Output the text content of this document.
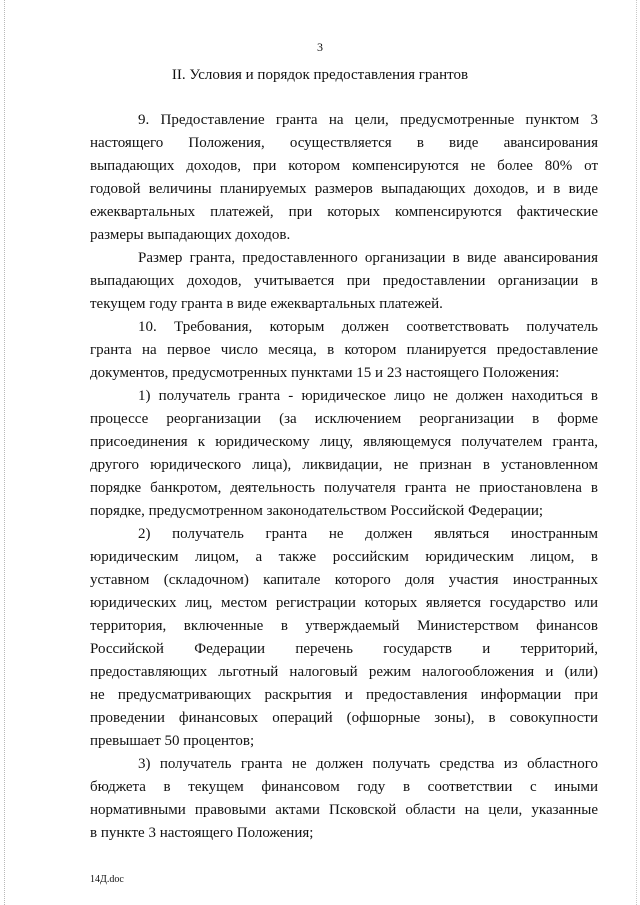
3
II. Условия и порядок предоставления грантов
9. Предоставление гранта на цели, предусмотренные пунктом 3
настоящего Положения, осуществляется в виде авансирования
выпадающих доходов, при котором компенсируются не более 80% от
годовой величины планируемых размеров выпадающих доходов, и в виде
ежеквартальных платежей, при которых компенсируются фактические
размеры выпадающих доходов.
Размер гранта, предоставленного организации в виде авансирования
выпадающих доходов, учитывается при предоставлении организации в
текущем году гранта в виде ежеквартальных платежей.
10. Требования, которым должен соответствовать получатель
гранта на первое число месяца, в котором планируется предоставление
документов, предусмотренных пунктами 15 и 23 настоящего Положения:
1) получатель гранта - юридическое лицо не должен находиться в
процессе реорганизации (за исключением реорганизации в форме
присоединения к юридическому лицу, являющемуся получателем гранта,
другого юридического лица), ликвидации, не признан в установленном
порядке банкротом, деятельность получателя гранта не приостановлена в
порядке, предусмотренном законодательством Российской Федерации;
2) получатель гранта не должен являться иностранным
юридическим лицом, а также российским юридическим лицом, в
уставном (складочном) капитале которого доля участия иностранных
юридических лиц, местом регистрации которых является государство или
территория, включенные в утверждаемый Министерством финансов
Российской Федерации перечень государств и территорий,
предоставляющих льготный налоговый режим налогообложения и (или)
не предусматривающих раскрытия и предоставления информации при
проведении финансовых операций (офшорные зоны), в совокупности
превышает 50 процентов;
3) получатель гранта не должен получать средства из областного
бюджета в текущем финансовом году в соответствии с иными
нормативными правовыми актами Псковской области на цели, указанные
в пункте 3 настоящего Положения;
14Д.doc
